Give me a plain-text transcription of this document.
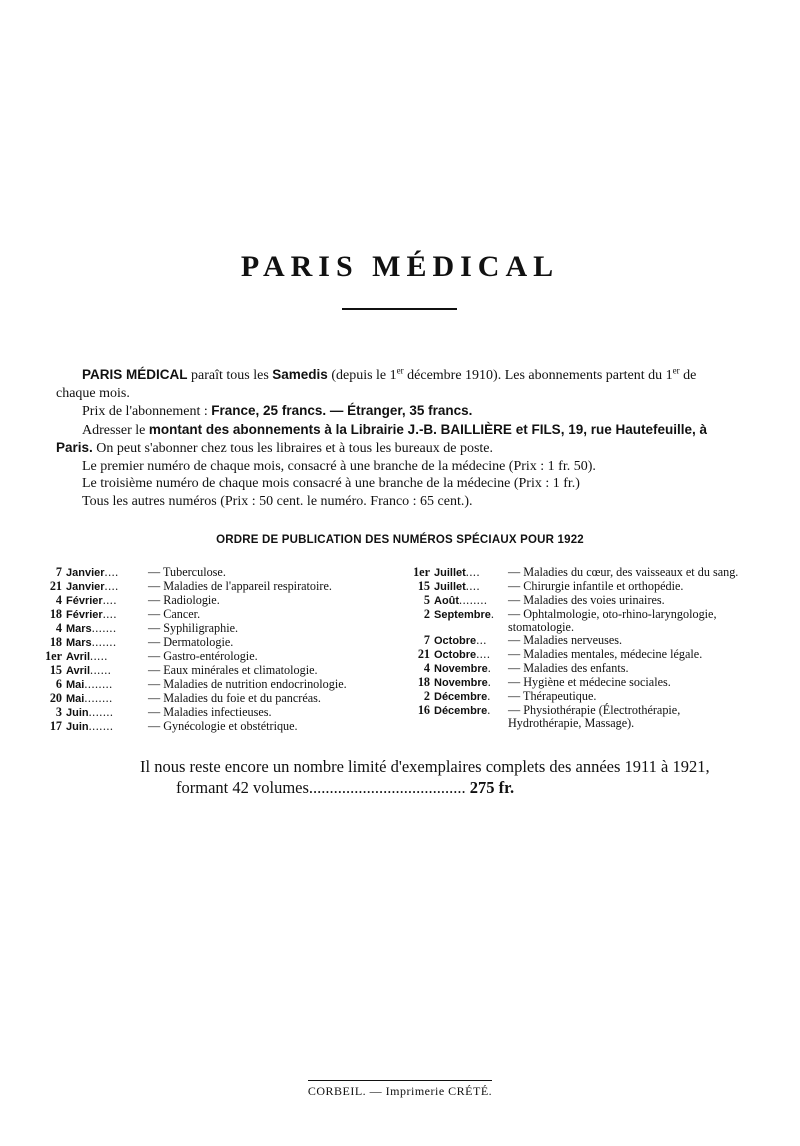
PARIS MÉDICAL

PARIS MÉDICAL paraît tous les Samedis (depuis le 1er décembre 1910). Les abonnements partent du 1er de chaque mois.

Prix de l'abonnement : France, 25 francs. — Étranger, 35 francs.

Adresser le montant des abonnements à la Librairie J.-B. BAILLIÈRE et FILS, 19, rue Hautefeuille, à Paris. On peut s'abonner chez tous les libraires et à tous les bureaux de poste.

Le premier numéro de chaque mois, consacré à une branche de la médecine (Prix : 1 fr. 50).

Le troisième numéro de chaque mois consacré à une branche de la médecine (Prix : 1 fr.)

Tous les autres numéros (Prix : 50 cent. le numéro. Franco : 65 cent.).

ORDRE DE PUBLICATION DES NUMÉROS SPÉCIAUX POUR 1922
7 Janvier....	— Tuberculose.
21 Janvier....	— Maladies de l'appareil respiratoire.
4 Février....	— Radiologie.
18 Février....	— Cancer.
4 Mars.......	— Syphiligraphie.
18 Mars.......	— Dermatologie.
1er Avril.....	— Gastro-entérologie.
15 Avril......	— Eaux minérales et climatologie.
6 Mai........	— Maladies de nutrition endocrinologie.
20 Mai........	— Maladies du foie et du pancréas.
3 Juin.......	— Maladies infectieuses.
17 Juin.......	— Gynécologie et obstétrique.
1er Juillet....	— Maladies du cœur, des vaisseaux et du sang.
15 Juillet....	— Chirurgie infantile et orthopédie.
5 Août........	— Maladies des voies urinaires.
2 Septembre.	— Ophtalmologie, oto-rhino-laryngologie, stomatologie.
7 Octobre...	— Maladies nerveuses.
21 Octobre....	— Maladies mentales, médecine légale.
4 Novembre.	— Maladies des enfants.
18 Novembre.	— Hygiène et médecine sociales.
2 Décembre.	— Thérapeutique.
16 Décembre.	— Physiothérapie (Électrothérapie, Hydrothérapie, Massage).
Il nous reste encore un nombre limité d'exemplaires complets des années 1911 à 1921,
formant 42 volumes...................................... 275 fr.
CORBEIL. — Imprimerie CRÉTÉ.
